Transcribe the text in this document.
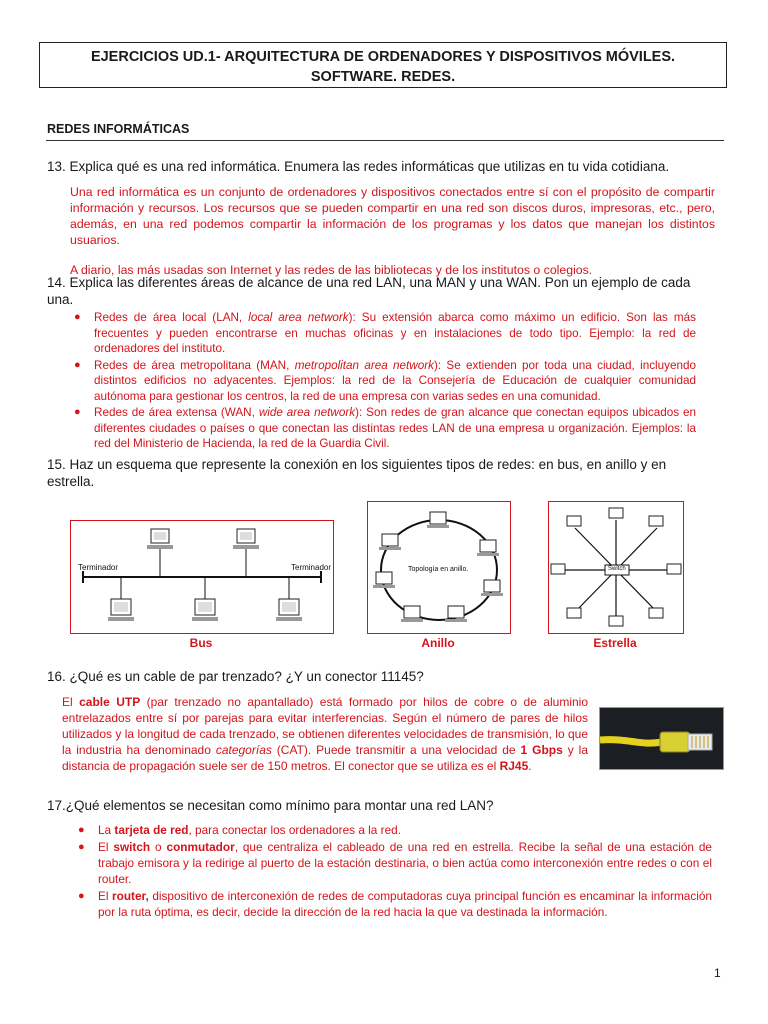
EJERCICIOS UD.1- ARQUITECTURA DE ORDENADORES Y DISPOSITIVOS MÓVILES.
SOFTWARE. REDES.
REDES INFORMÁTICAS
13. Explica qué es una red informática. Enumera las redes informáticas que utilizas en tu vida cotidiana.

Una red informática es un conjunto de ordenadores y dispositivos conectados entre sí con el propósito de compartir información y recursos. Los recursos que se pueden compartir en una red son discos duros, impresoras, etc., pero, además, en una red podemos compartir la información de los programas y los datos que manejan los distintos usuarios.

A diario, las más usadas son Internet y las redes de las bibliotecas y de los institutos o colegios.

14. Explica las diferentes áreas de alcance de una red LAN, una MAN y una WAN. Pon un ejemplo de cada
una.
● Redes de área local (LAN, local area network): Su extensión abarca como máximo un edificio. Son las más frecuentes y pueden encontrarse en muchas oficinas y en instalaciones de todo tipo. Ejemplo: la red de ordenadores del instituto.
● Redes de área metropolitana (MAN, metropolitan area network): Se extienden por toda una ciudad, incluyendo distintos edificios no adyacentes. Ejemplos: la red de la Consejería de Educación de cualquier comunidad autónoma para gestionar los centros, la red de una empresa con varias sedes en una comunidad.
● Redes de área extensa (WAN, wide area network): Son redes de gran alcance que conectan equipos ubicados en diferentes ciudades o países o que conectan las distintas redes LAN de una empresa u organización. Ejemplos: la red del Ministerio de Hacienda, la red de la Guardia Civil.
15. Haz un esquema que represente la conexión en los siguientes tipos de redes: en bus, en anillo y en
estrella.
Terminador	Terminador
Bus
Topología en anillo.
Anillo
Switch
Estrella
16. ¿Qué es un cable de par trenzado? ¿Y un conector 11145?
El cable UTP (par trenzado no apantallado) está formado por hilos de cobre o de aluminio entrelazados entre sí por parejas para evitar interferencias. Según el número de pares de hilos utilizados y la longitud de cada trenzado, se obtienen diferentes velocidades de transmisión, lo que la industria ha denominado categorías (CAT). Puede transmitir a una velocidad de 1 Gbps y la distancia de propagación suele ser de 150 metros. El conector que se utiliza es el RJ45.
17.¿Qué elementos se necesitan como mínimo para montar una red LAN?
● La tarjeta de red, para conectar los ordenadores a la red.
● El switch o conmutador, que centraliza el cableado de una red en estrella. Recibe la señal de una estación de trabajo emisora y la redirige al puerto de la estación destinaria, o bien actúa como interconexión entre redes o con el router.
● El router, dispositivo de interconexión de redes de computadoras cuya principal función es encaminar la información por la ruta óptima, es decir, decide la dirección de la red hacia la que va destinada la información.
1
